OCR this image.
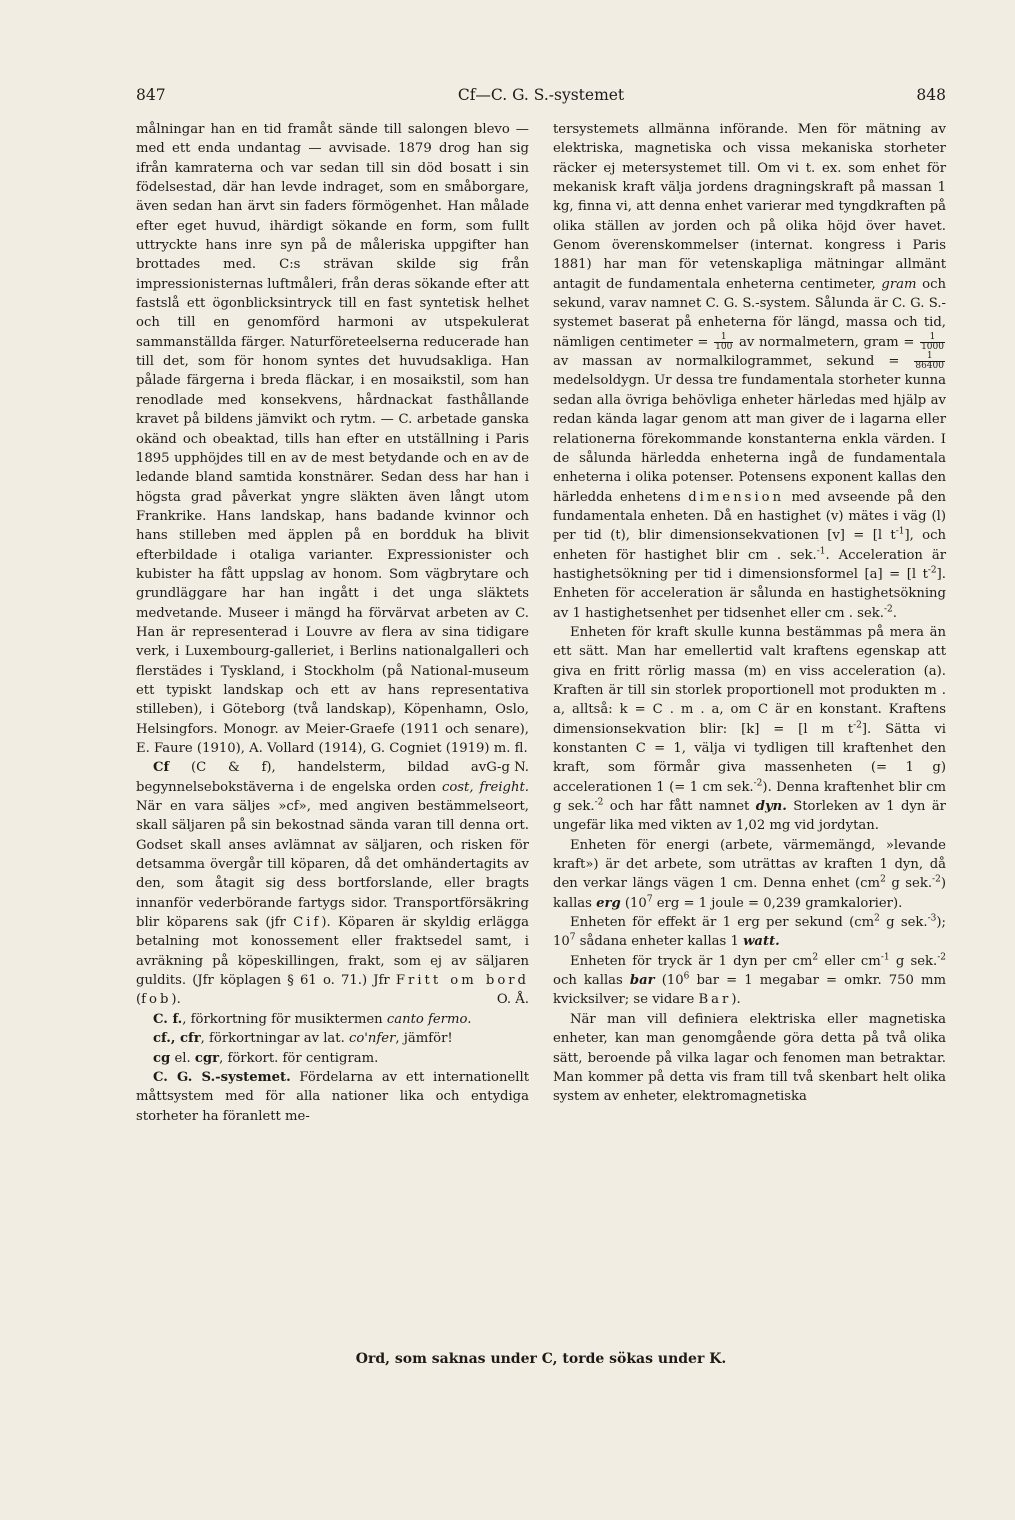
847	Cf—C. G. S.-systemet	848

målningar han en tid framåt sände till salongen blevo — med ett enda undantag — avvisade. 1879 drog han sig ifrån kamraterna och var sedan till sin död bosatt i sin födelsestad, där han levde indraget, som en småborgare, även sedan han ärvt sin faders förmögenhet. Han målade efter eget huvud, ihärdigt sökande en form, som fullt uttryckte hans inre syn på de måleriska uppgifter han brottades med. C:s strävan skilde sig från impressionisternas luftmåleri, från deras sökande efter att fastslå ett ögonblicksintryck till en fast syntetisk helhet och till en genomförd harmoni av utspekulerat sammanställda färger. Naturföreteelserna reducerade han till det, som för honom syntes det huvudsakliga. Han pålade färgerna i breda fläckar, i en mosaikstil, som han renodlade med konsekvens, hårdnackat fasthållande kravet på bildens jämvikt och rytm. — C. arbetade ganska okänd och obeaktad, tills han efter en utställning i Paris 1895 upphöjdes till en av de mest betydande och en av de ledande bland samtida konstnärer. Sedan dess har han i högsta grad påverkat yngre släkten även långt utom Frankrike. Hans landskap, hans badande kvinnor och hans stilleben med äpplen på en bordduk ha blivit efterbildade i otaliga varianter. Expressionister och kubister ha fått uppslag av honom. Som vägbrytare och grundläggare har han ingått i det unga släktets medvetande. Museer i mängd ha förvärvat arbeten av C. Han är representerad i Louvre av flera av sina tidigare verk, i Luxembourg-galleriet, i Berlins nationalgalleri och flerstädes i Tyskland, i Stockholm (på National-museum ett typiskt landskap och ett av hans representativa stilleben), i Göteborg (två landskap), Köpenhamn, Oslo, Helsingfors. Monogr. av Meier-Graefe (1911 och senare), E. Faure (1910), A. Vollard (1914), G. Cogniet (1919) m. fl.
G-g N.

Cf (C & f), handelsterm, bildad av begynnelsebokstäverna i de engelska orden cost, freight. När en vara säljes »cf», med angiven bestämmelseort, skall säljaren på sin bekostnad sända varan till denna ort. Godset skall anses avlämnat av säljaren, och risken för detsamma övergår till köparen, då det omhändertagits av den, som åtagit sig dess bortforslande, eller bragts innanför vederbörande fartygs sidor. Transportförsäkring blir köparens sak (jfr Cif). Köparen är skyldig erlägga betalning mot konossement eller fraktsedel samt, i avräkning på köpeskillingen, frakt, som ej av säljaren guldits. (Jfr köplagen § 61 o. 71.) Jfr Fritt om bord (fob).	O. Å.

C. f., förkortning för musiktermen canto fermo.

cf., cfr, förkortningar av lat. co'nfer, jämför!

cg el. cgr, förkort. för centigram.

C. G. S.-systemet. Fördelarna av ett internationellt måttsystem med för alla nationer lika och entydiga storheter ha föranlett me-

tersystemets allmänna införande. Men för mätning av elektriska, magnetiska och vissa mekaniska storheter räcker ej metersystemet till. Om vi t. ex. som enhet för mekanisk kraft välja jordens dragningskraft på massan 1 kg, finna vi, att denna enhet varierar med tyngdkraften på olika ställen av jorden och på olika höjd över havet. Genom överenskommelser (internat. kongress i Paris 1881) har man för vetenskapliga mätningar allmänt antagit de fundamentala enheterna centimeter, gram och sekund, varav namnet C. G. S.-system. Sålunda är C. G. S.-systemet baserat på enheterna för längd, massa och tid, nämligen centimeter = $\frac{1}{100}$ av normalmetern, gram = $\frac{1}{1000}$
av massan av normalkilogrammet, sekund = $\frac{1}{86400}$
medelsoldygn. Ur dessa tre fundamentala storheter kunna sedan alla övriga behövliga enheter härledas med hjälp av redan kända lagar genom att man giver de i lagarna eller relationerna förekommande konstanterna enkla värden. I de sålunda härledda enheterna ingå de fundamentala enheterna i olika potenser. Potensens exponent kallas den härledda enhetens dimension med avseende på den fundamentala enheten. Då en hastighet (v) mätes i väg (l) per tid (t), blir dimensionsekvationen [v] = [l $t^{-1}$], och enheten för hastighet blir cm . sek.$^{-1}$. Acceleration är hastighetsökning per tid i dimensionsformel [a] = [l $t^{-2}$]. Enheten för acceleration är sålunda en hastighetsökning av 1 hastighetsenhet per tidsenhet eller cm . sek.$^{-2}$.

Enheten för kraft skulle kunna bestämmas på mera än ett sätt. Man har emellertid valt kraftens egenskap att giva en fritt rörlig massa (m) en viss acceleration (a). Kraften är till sin storlek proportionell mot produkten m . a, alltså: k = C . m . a, om C är en konstant. Kraftens dimensionsekvation blir: [k] = [l m $t^{-2}$]. Sätta vi konstanten C = 1, välja vi tydligen till kraftenhet den kraft, som förmår giva massenheten (= 1 g) accelerationen 1 (= 1 cm sek.$^{-2}$). Denna kraftenhet blir cm g sek.$^{-2}$ och har fått namnet dyn. Storleken av 1 dyn är ungefär lika med vikten av 1,02 mg vid jordytan.

Enheten för energi (arbete, värmemängd, »levande kraft») är det arbete, som uträttas av kraften 1 dyn, då den verkar längs vägen 1 cm. Denna enhet ($cm^2$ g sek.$^{-2}$) kallas erg ($10^7$ erg = 1 joule = 0,239 gramkalorier).

Enheten för effekt är 1 erg per sekund ($cm^2$ g sek.$^{-3}$); $10^7$ sådana enheter kallas 1 watt.

Enheten för tryck är 1 dyn per $cm^2$ eller $cm^{-1}$ g sek.$^{-2}$ och kallas bar ($10^6$ bar = 1 megabar = omkr. 750 mm kvicksilver; se vidare Bar).

När man vill definiera elektriska eller magnetiska enheter, kan man genomgående göra detta på två olika sätt, beroende på vilka lagar och fenomen man betraktar. Man kommer på detta vis fram till två skenbart helt olika system av enheter, elektromagnetiska

Ord, som saknas under C, torde sökas under K.
